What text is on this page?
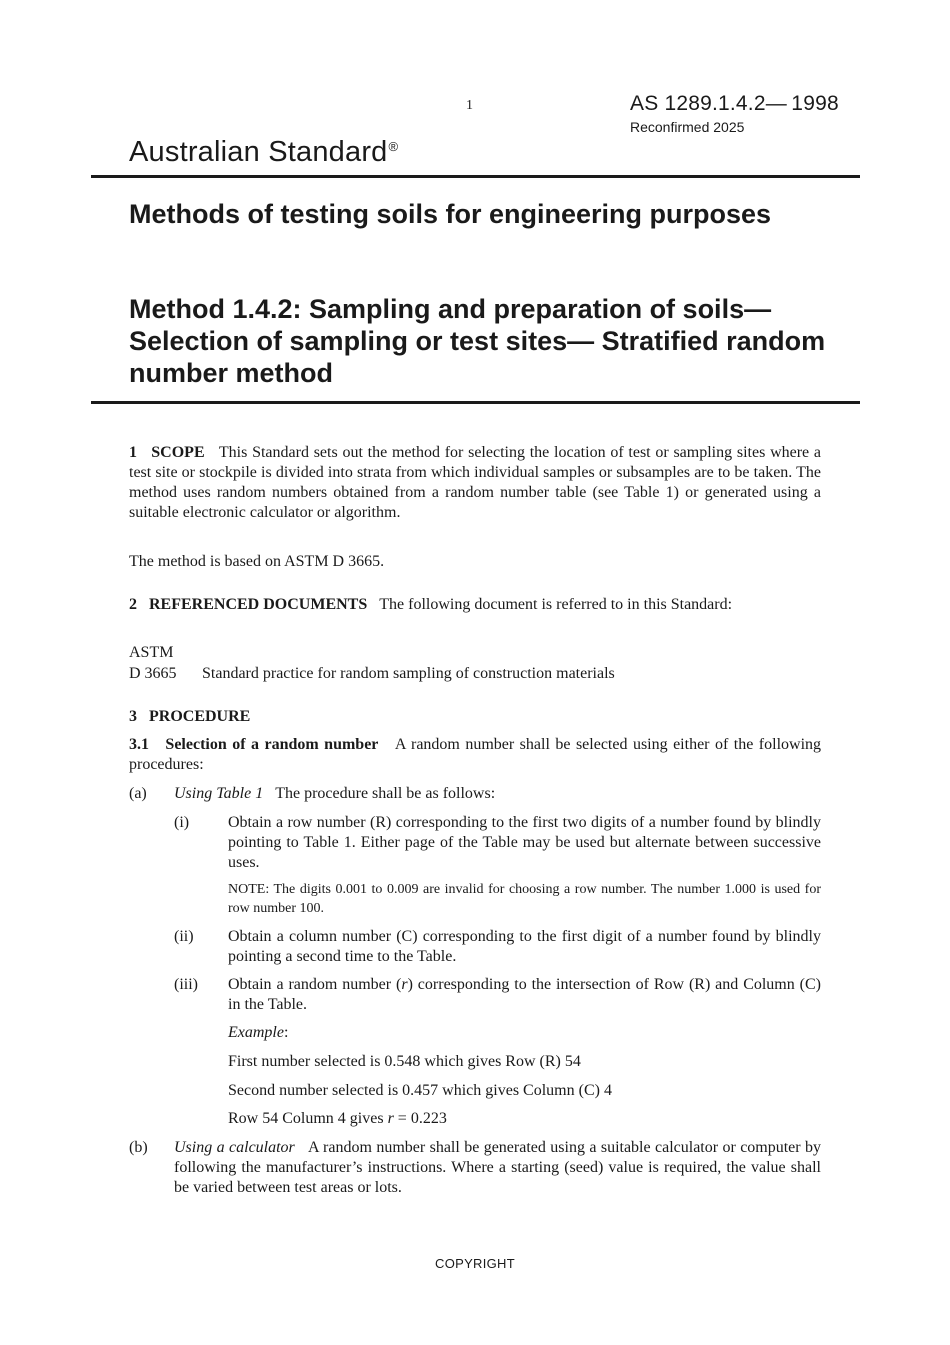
1	AS 1289.1.4.2— 1998
Reconfirmed 2025
Australian Standard®
Methods of testing soils for engineering purposes
Method 1.4.2: Sampling and preparation of soils—Selection of sampling or test sites— Stratified random number method
1 SCOPE This Standard sets out the method for selecting the location of test or sampling sites where a test site or stockpile is divided into strata from which individual samples or subsamples are to be taken. The method uses random numbers obtained from a random number table (see Table 1) or generated using a suitable electronic calculator or algorithm.
The method is based on ASTM D 3665.
2 REFERENCED DOCUMENTS The following document is referred to in this Standard:
ASTM
D 3665 Standard practice for random sampling of construction materials
3 PROCEDURE
3.1 Selection of a random number A random number shall be selected using either of the following procedures:
(a) Using Table 1 The procedure shall be as follows:
(i) Obtain a row number (R) corresponding to the first two digits of a number found by blindly pointing to Table 1. Either page of the Table may be used but alternate between successive uses.
NOTE: The digits 0.001 to 0.009 are invalid for choosing a row number. The number 1.000 is used for row number 100.
(ii) Obtain a column number (C) corresponding to the first digit of a number found by blindly pointing a second time to the Table.
(iii) Obtain a random number (r) corresponding to the intersection of Row (R) and Column (C) in the Table.
Example:
First number selected is 0.548 which gives Row (R) 54
Second number selected is 0.457 which gives Column (C) 4
Row 54 Column 4 gives r = 0.223
(b) Using a calculator A random number shall be generated using a suitable calculator or computer by following the manufacturer’s instructions. Where a starting (seed) value is required, the value shall be varied between test areas or lots.
COPYRIGHT
